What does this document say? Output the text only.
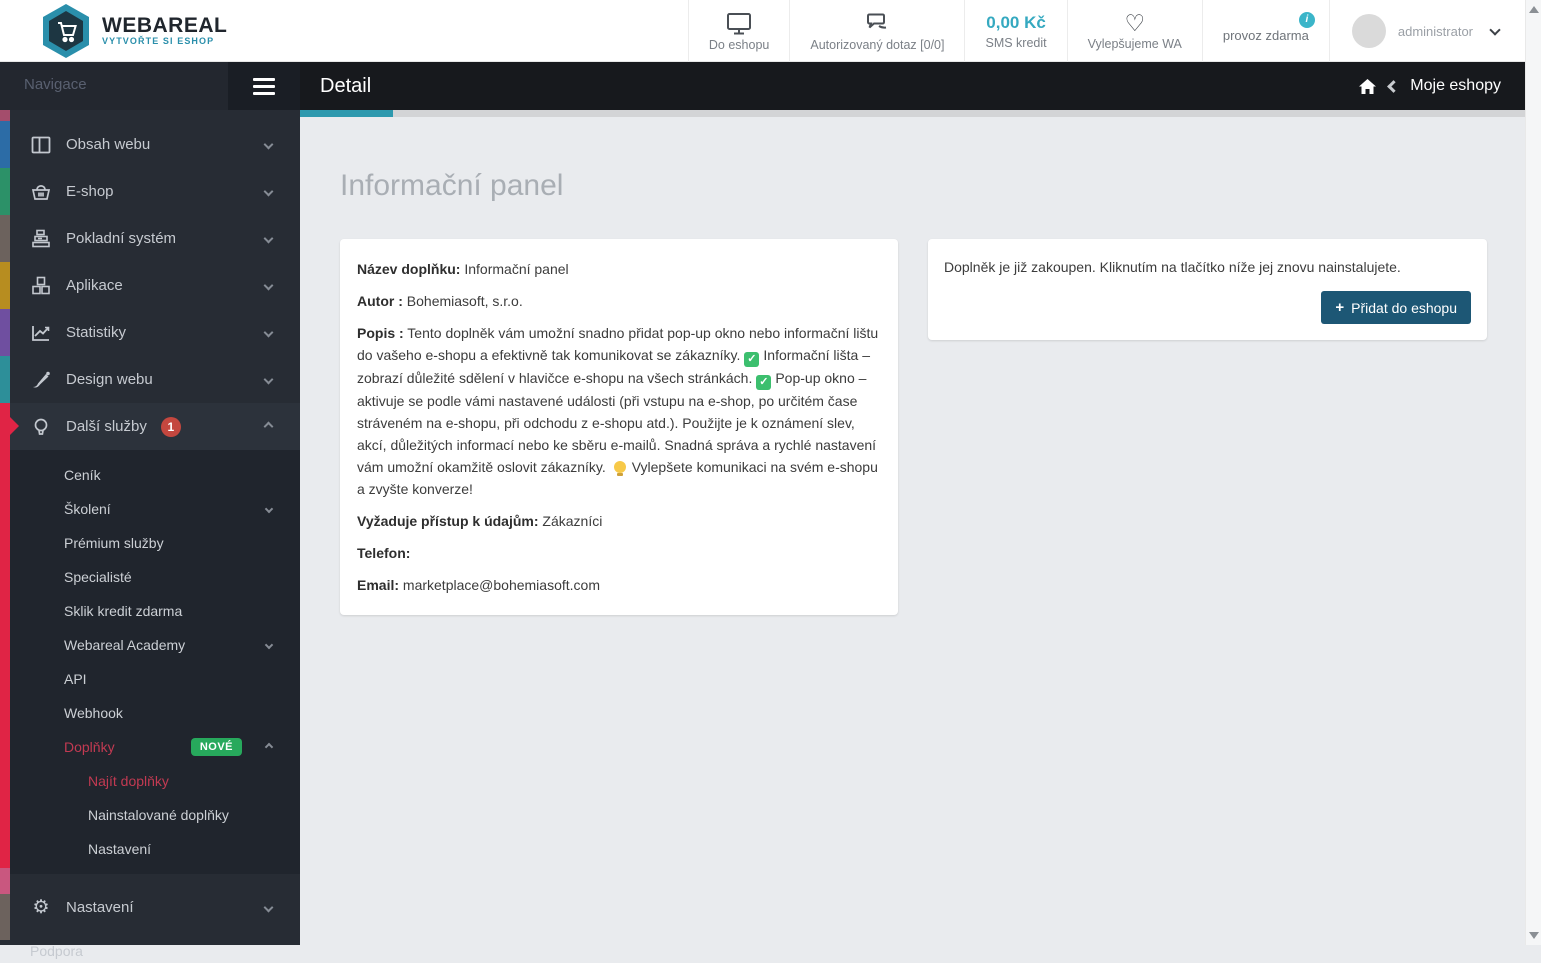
WEBAREAL
VYTVOŘTE SI ESHOP	Do eshopu	Autorizovaný dotaz [0/0]
0,00 Kč
SMS kredit
♡
Vylepšujeme WA
provoz zdarma
i
administrator
Navigace
Obsah webu
E-shop
Pokladní systém
Aplikace
Statistiky
Design webu
Další služby	1
Ceník
Školení
Prémium služby
Specialisté
Sklik kredit zdarma
Webareal Academy
API
Webhook
Doplňky	NOVÉ
Najít doplňky
Nainstalované doplňky
Nastavení
⚙ Nastavení
Podpora
Detail	Moje eshopy
Informační panel

Název doplňku: Informační panel

Autor : Bohemiasoft, s.r.o.

Popis : Tento doplněk vám umožní snadno přidat pop-up okno nebo informační lištu do vašeho e-shopu a efektivně tak komunikovat se zákazníky. ✓ Informační lišta – zobrazí důležité sdělení v hlavičce e-shopu na všech stránkách. ✓ Pop-up okno – aktivuje se podle vámi nastavené události (při vstupu na e-shop, po určitém čase stráveném na e-shopu, při odchodu z e-shopu atd.). Použijte je k oznámení slev, akcí, důležitých informací nebo ke sběru e-mailů. Snadná správa a rychlé nastavení vám umožní okamžitě oslovit zákazníky. Vylepšete komunikaci na svém e-shopu a zvyšte konverze!

Vyžaduje přístup k údajům: Zákazníci

Telefon:

Email: marketplace@bohemiasoft.com

Doplněk je již zakoupen. Kliknutím na tlačítko níže jej znovu nainstalujete.
+ Přidat do eshopu
